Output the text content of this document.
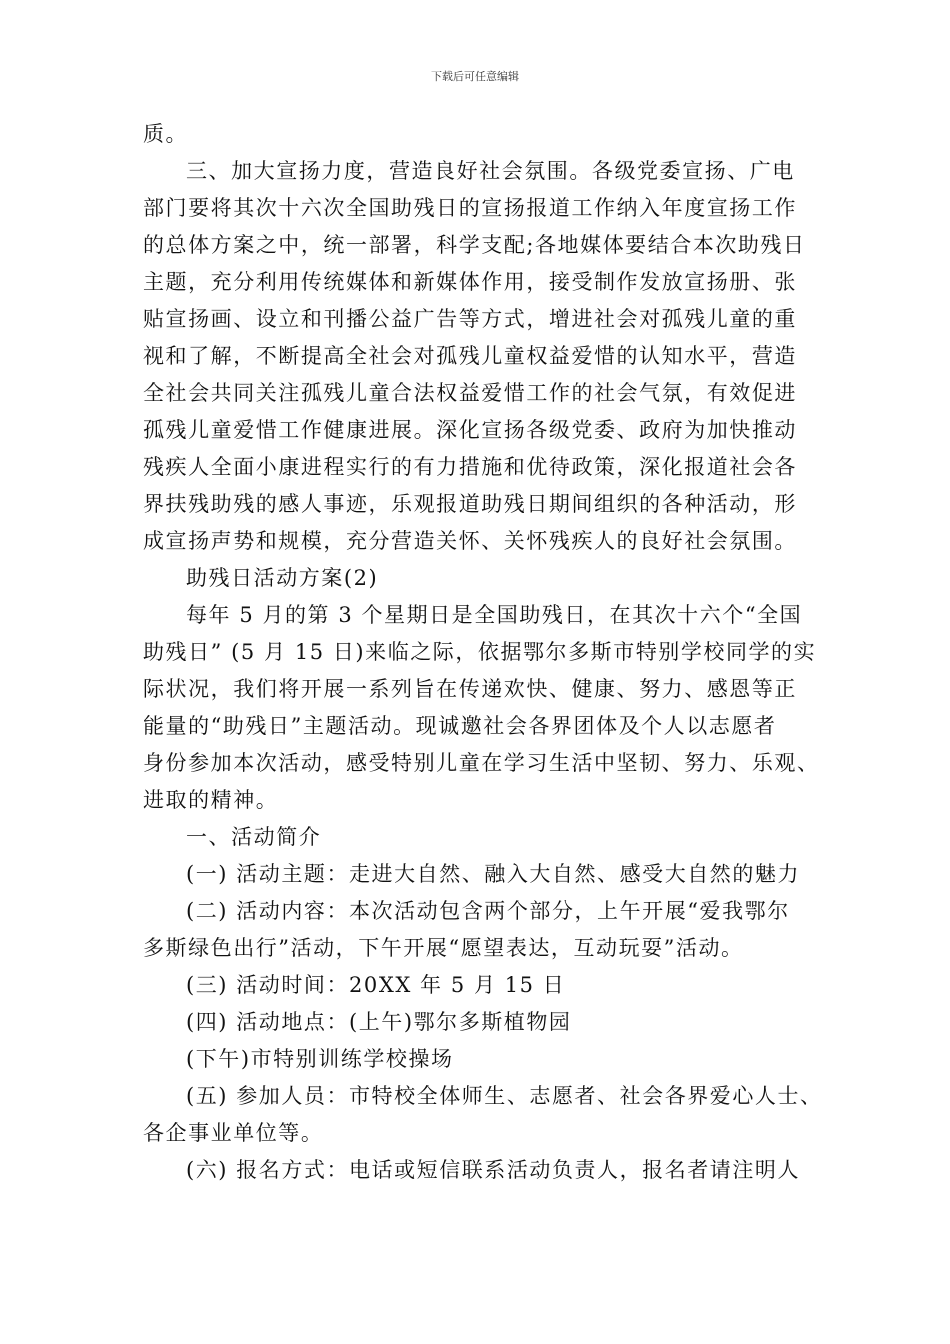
下载后可任意编辑
质。
三、加大宣扬力度，营造良好社会氛围。各级党委宣扬、广电
部门要将其次十六次全国助残日的宣扬报道工作纳入年度宣扬工作
的总体方案之中，统一部署，科学支配;各地媒体要结合本次助残日
主题，充分利用传统媒体和新媒体作用，接受制作发放宣扬册、张
贴宣扬画、设立和刊播公益广告等方式，增进社会对孤残儿童的重
视和了解，不断提高全社会对孤残儿童权益爱惜的认知水平，营造
全社会共同关注孤残儿童合法权益爱惜工作的社会气氛，有效促进
孤残儿童爱惜工作健康进展。深化宣扬各级党委、政府为加快推动
残疾人全面小康进程实行的有力措施和优待政策，深化报道社会各
界扶残助残的感人事迹，乐观报道助残日期间组织的各种活动，形
成宣扬声势和规模，充分营造关怀、关怀残疾人的良好社会氛围。
助残日活动方案(2)
每年 5 月的第 3 个星期日是全国助残日，在其次十六个“全国
助残日” (5 月 15 日)来临之际，依据鄂尔多斯市特别学校同学的实
际状况，我们将开展一系列旨在传递欢快、健康、努力、感恩等正
能量的“助残日”主题活动。现诚邀社会各界团体及个人以志愿者
身份参加本次活动，感受特别儿童在学习生活中坚韧、努力、乐观、
进取的精神。
一、活动简介
(一) 活动主题：走进大自然、融入大自然、感受大自然的魅力
(二) 活动内容：本次活动包含两个部分，上午开展“爱我鄂尔
多斯绿色出行”活动，下午开展“愿望表达，互动玩耍”活动。
(三) 活动时间：20XX 年 5 月 15 日
(四) 活动地点：(上午)鄂尔多斯植物园
(下午)市特别训练学校操场
(五) 参加人员：市特校全体师生、志愿者、社会各界爱心人士、
各企事业单位等。
(六) 报名方式：电话或短信联系活动负责人，报名者请注明人
